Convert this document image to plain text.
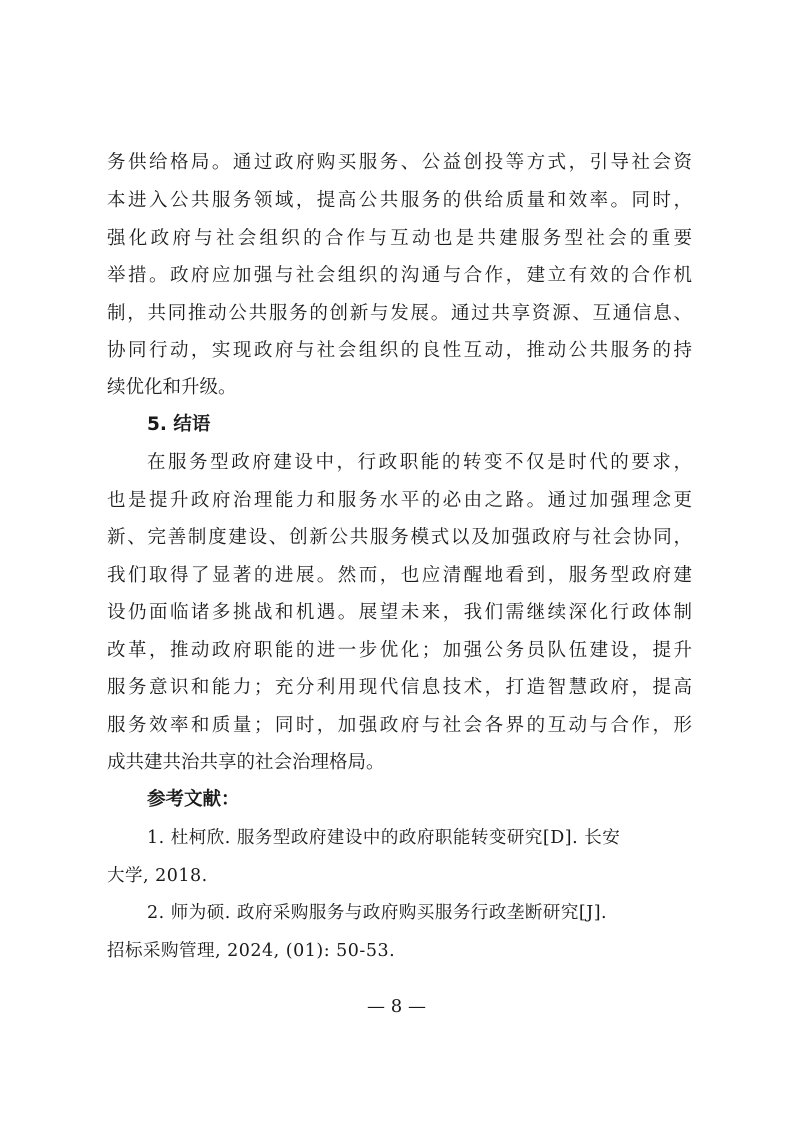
务供给格局。通过政府购买服务、公益创投等方式，引导社会资
本进入公共服务领域，提高公共服务的供给质量和效率。同时，
强化政府与社会组织的合作与互动也是共建服务型社会的重要
举措。政府应加强与社会组织的沟通与合作，建立有效的合作机
制，共同推动公共服务的创新与发展。通过共享资源、互通信息、
协同行动，实现政府与社会组织的良性互动，推动公共服务的持
续优化和升级。
5. 结语
在服务型政府建设中，行政职能的转变不仅是时代的要求，
也是提升政府治理能力和服务水平的必由之路。通过加强理念更
新、完善制度建设、创新公共服务模式以及加强政府与社会协同，
我们取得了显著的进展。然而，也应清醒地看到，服务型政府建
设仍面临诸多挑战和机遇。展望未来，我们需继续深化行政体制
改革，推动政府职能的进一步优化；加强公务员队伍建设，提升
服务意识和能力；充分利用现代信息技术，打造智慧政府，提高
服务效率和质量；同时，加强政府与社会各界的互动与合作，形
成共建共治共享的社会治理格局。
参考文献：
1. 杜柯欣. 服务型政府建设中的政府职能转变研究[D]. 长安
大学, 2018.
2. 师为硕. 政府采购服务与政府购买服务行政垄断研究[J].
招标采购管理, 2024, (01): 50-53.
— 8 —
